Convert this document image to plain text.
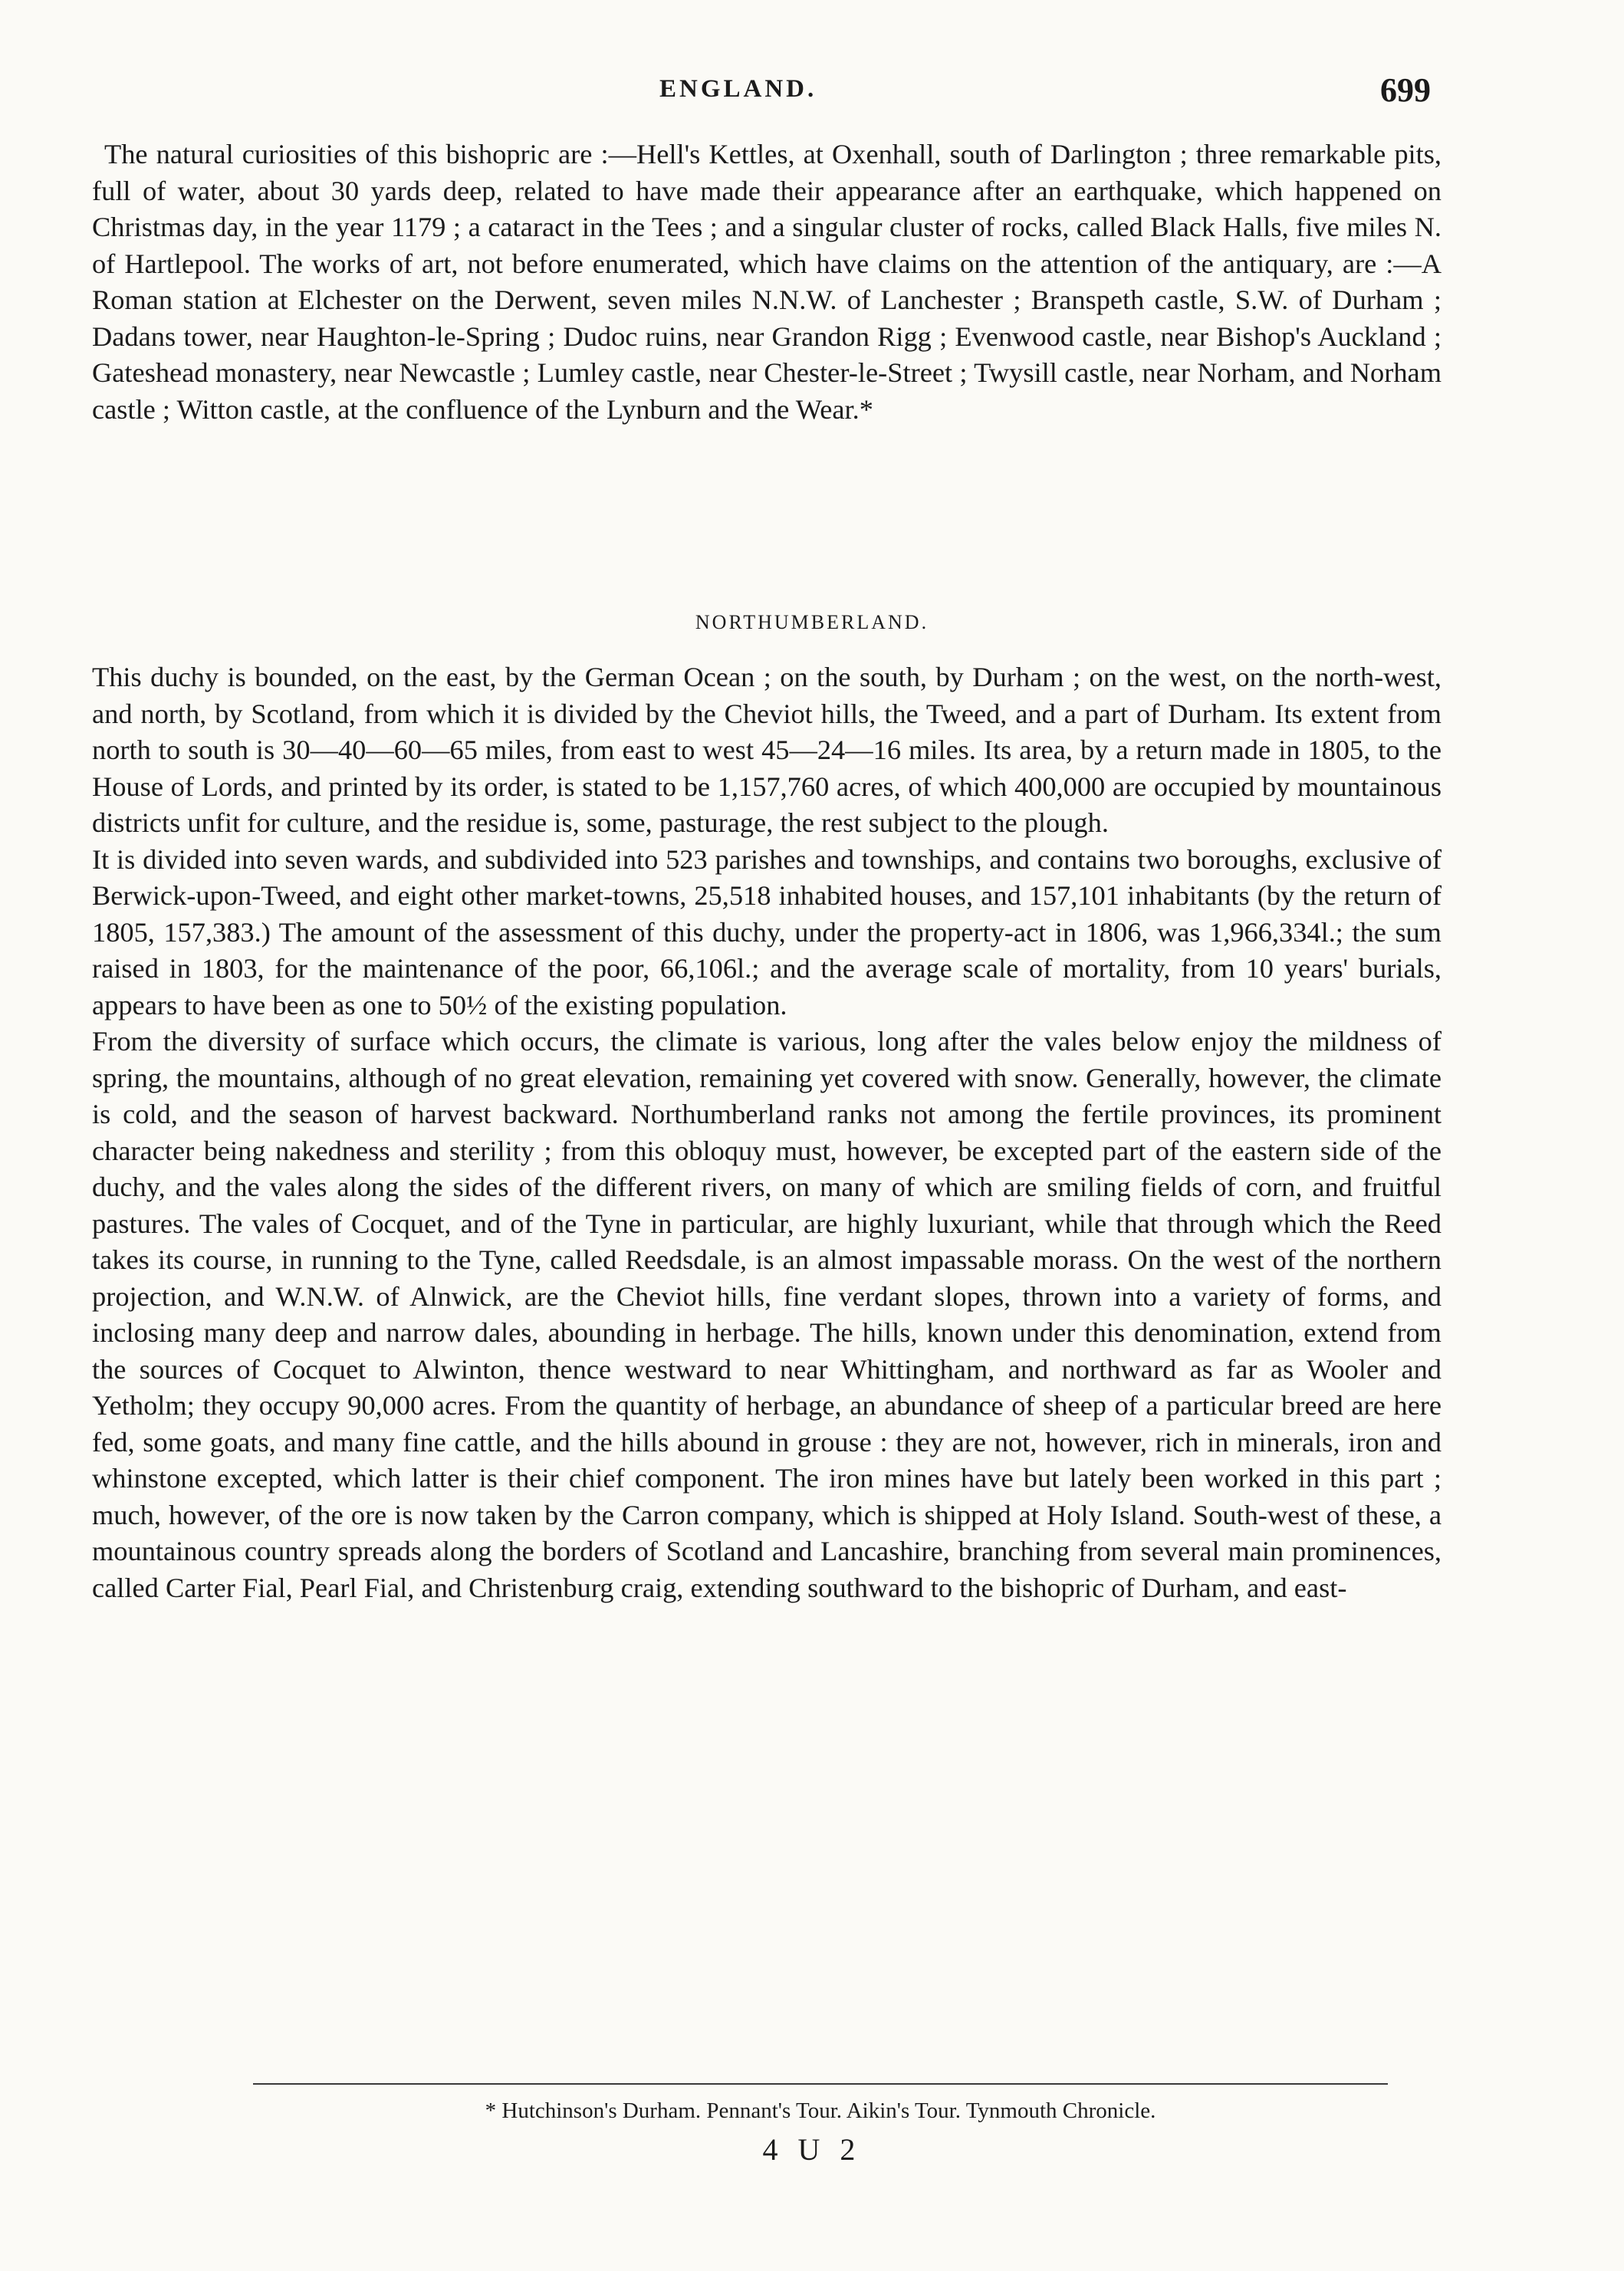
ENGLAND.	699

The natural curiosities of this bishopric are :—Hell's Kettles, at Oxenhall, south of Darlington ; three remarkable pits, full of water, about 30 yards deep, related to have made their appearance after an earthquake, which happened on Christmas day, in the year 1179 ; a cataract in the Tees ; and a singular cluster of rocks, called Black Halls, five miles N. of Hartlepool. The works of art, not before enumerated, which have claims on the attention of the antiquary, are :—A Roman station at Elchester on the Derwent, seven miles N.N.W. of Lanchester ; Branspeth castle, S.W. of Durham ; Dadans tower, near Haughton-le-Spring ; Dudoc ruins, near Grandon Rigg ; Evenwood castle, near Bishop's Auckland ; Gateshead monastery, near Newcastle ; Lumley castle, near Chester-le-Street ; Twysill castle, near Norham, and Norham castle ; Witton castle, at the confluence of the Lynburn and the Wear.*

NORTHUMBERLAND.

This duchy is bounded, on the east, by the German Ocean ; on the south, by Durham ; on the west, on the north-west, and north, by Scotland, from which it is divided by the Cheviot hills, the Tweed, and a part of Durham. Its extent from north to south is 30—40—60—65 miles, from east to west 45—24—16 miles. Its area, by a return made in 1805, to the House of Lords, and printed by its order, is stated to be 1,157,760 acres, of which 400,000 are occupied by mountainous districts unfit for culture, and the residue is, some, pasturage, the rest subject to the plough.

It is divided into seven wards, and subdivided into 523 parishes and townships, and contains two boroughs, exclusive of Berwick-upon-Tweed, and eight other market-towns, 25,518 inhabited houses, and 157,101 inhabitants (by the return of 1805, 157,383.) The amount of the assessment of this duchy, under the property-act in 1806, was 1,966,334l.; the sum raised in 1803, for the maintenance of the poor, 66,106l.; and the average scale of mortality, from 10 years' burials, appears to have been as one to 50½ of the existing population.

From the diversity of surface which occurs, the climate is various, long after the vales below enjoy the mildness of spring, the mountains, although of no great elevation, remaining yet covered with snow. Generally, however, the climate is cold, and the season of harvest backward. Northumberland ranks not among the fertile provinces, its prominent character being nakedness and sterility ; from this obloquy must, however, be excepted part of the eastern side of the duchy, and the vales along the sides of the different rivers, on many of which are smiling fields of corn, and fruitful pastures. The vales of Cocquet, and of the Tyne in particular, are highly luxuriant, while that through which the Reed takes its course, in running to the Tyne, called Reedsdale, is an almost impassable morass. On the west of the northern projection, and W.N.W. of Alnwick, are the Cheviot hills, fine verdant slopes, thrown into a variety of forms, and inclosing many deep and narrow dales, abounding in herbage. The hills, known under this denomination, extend from the sources of Cocquet to Alwinton, thence westward to near Whittingham, and northward as far as Wooler and Yetholm; they occupy 90,000 acres. From the quantity of herbage, an abundance of sheep of a particular breed are here fed, some goats, and many fine cattle, and the hills abound in grouse : they are not, however, rich in minerals, iron and whinstone excepted, which latter is their chief component. The iron mines have but lately been worked in this part ; much, however, of the ore is now taken by the Carron company, which is shipped at Holy Island. South-west of these, a mountainous country spreads along the borders of Scotland and Lancashire, branching from several main prominences, called Carter Fial, Pearl Fial, and Christenburg craig, extending southward to the bishopric of Durham, and east-

* Hutchinson's Durham. Pennant's Tour. Aikin's Tour. Tynmouth Chronicle.
4 U 2
